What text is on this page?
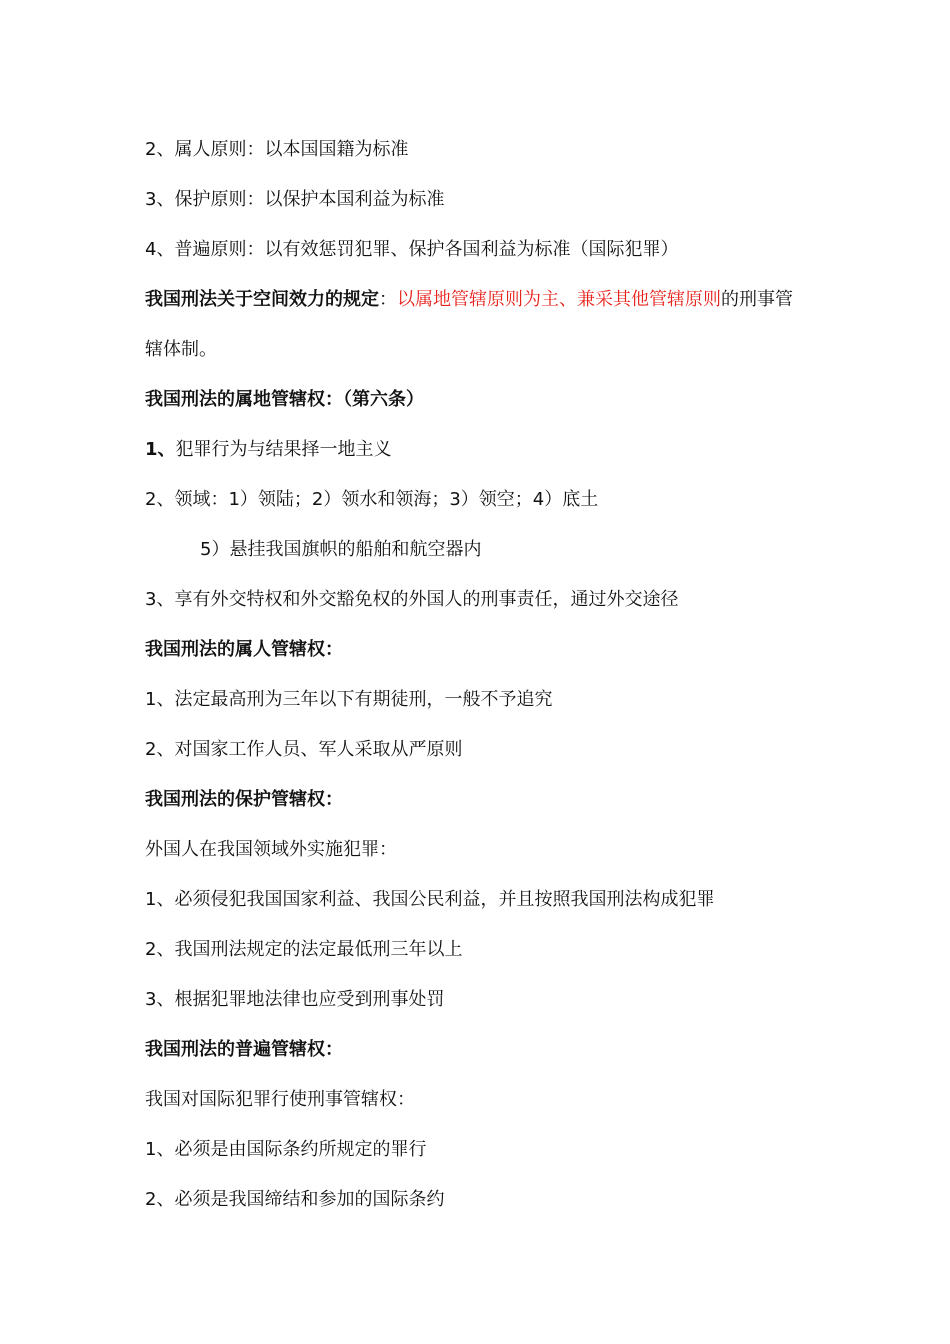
2、属人原则：以本国国籍为标准
3、保护原则：以保护本国利益为标准
4、普遍原则：以有效惩罚犯罪、保护各国利益为标准（国际犯罪）
我国刑法关于空间效力的规定：以属地管辖原则为主、兼采其他管辖原则的刑事管
辖体制。
我国刑法的属地管辖权：（第六条）
1、犯罪行为与结果择一地主义
2、领域：1）领陆；2）领水和领海；3）领空；4）底土
5）悬挂我国旗帜的船舶和航空器内
3、享有外交特权和外交豁免权的外国人的刑事责任，通过外交途径
我国刑法的属人管辖权：
1、法定最高刑为三年以下有期徒刑，一般不予追究
2、对国家工作人员、军人采取从严原则
我国刑法的保护管辖权：
外国人在我国领域外实施犯罪：
1、必须侵犯我国国家利益、我国公民利益，并且按照我国刑法构成犯罪
2、我国刑法规定的法定最低刑三年以上
3、根据犯罪地法律也应受到刑事处罚
我国刑法的普遍管辖权：
我国对国际犯罪行使刑事管辖权：
1、必须是由国际条约所规定的罪行
2、必须是我国缔结和参加的国际条约
